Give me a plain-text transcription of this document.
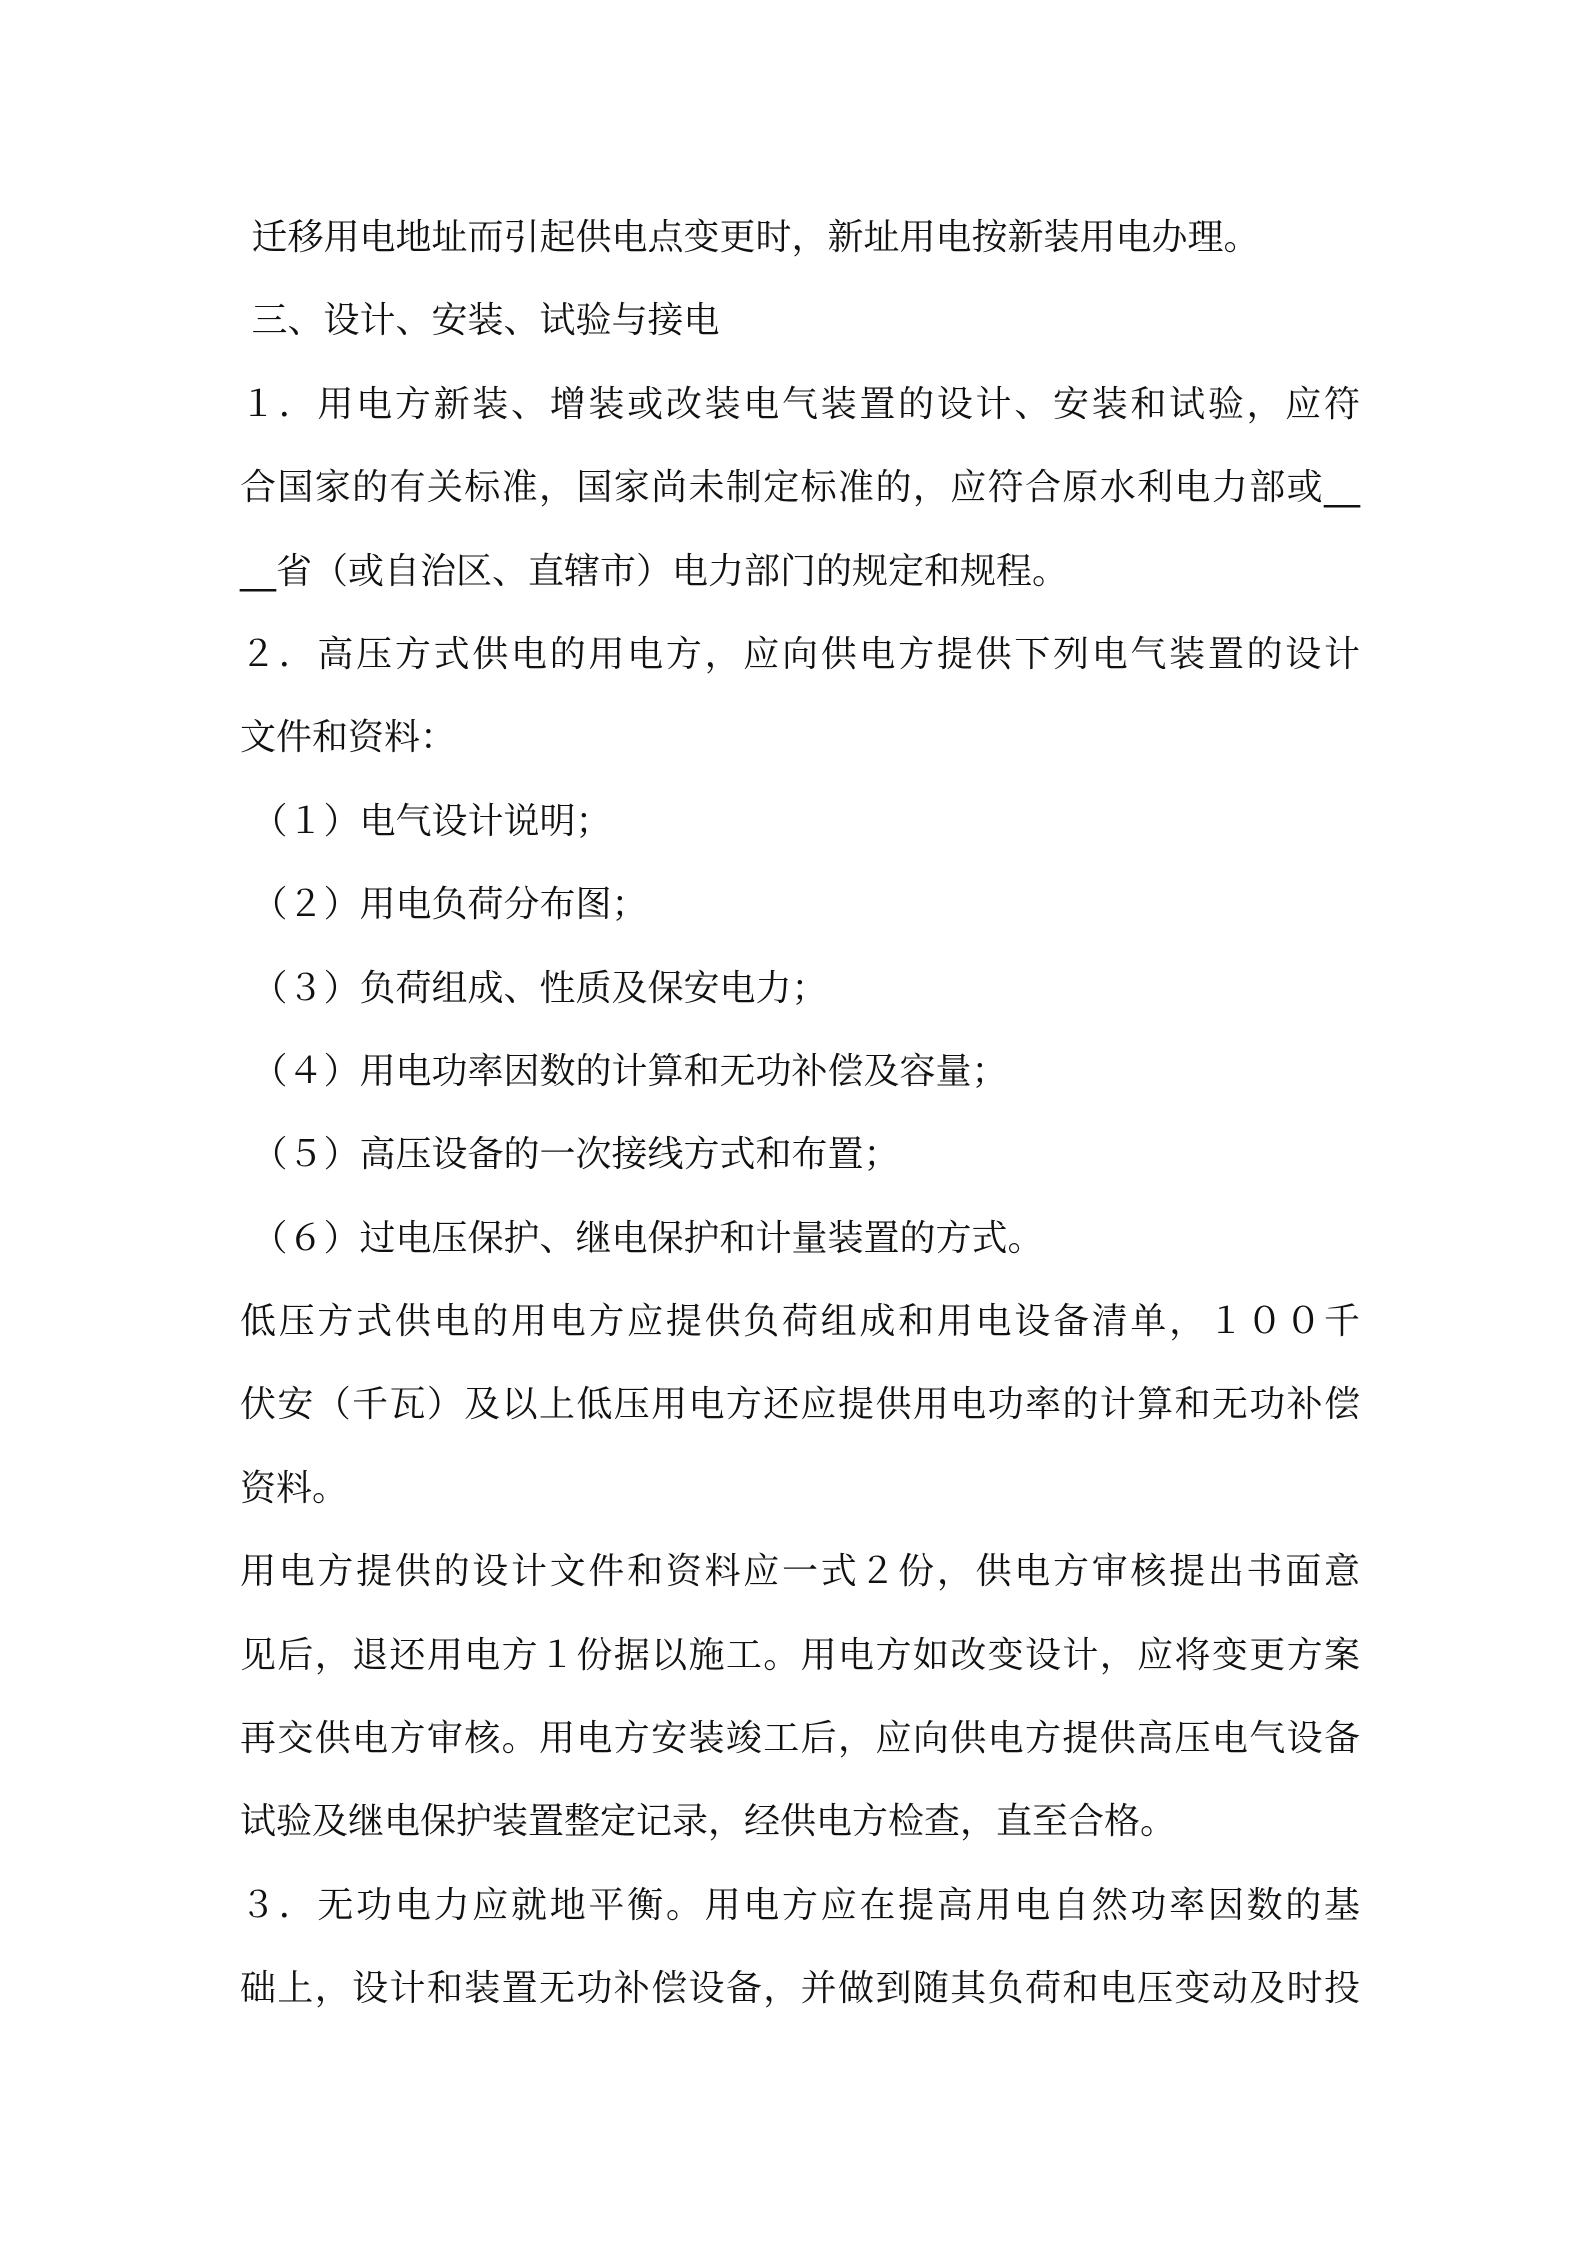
迁移用电地址而引起供电点变更时，新址用电按新装用电办理。
三、设计、安装、试验与接电
１．用电方新装、增装或改装电气装置的设计、安装和试验，应符
合国家的有关标准，国家尚未制定标准的，应符合原水利电力部或__
__省（或自治区、直辖市）电力部门的规定和规程。
２．高压方式供电的用电方，应向供电方提供下列电气装置的设计
文件和资料：
（１）电气设计说明；
（２）用电负荷分布图；
（３）负荷组成、性质及保安电力；
（４）用电功率因数的计算和无功补偿及容量；
（５）高压设备的一次接线方式和布置；
（６）过电压保护、继电保护和计量装置的方式。
低压方式供电的用电方应提供负荷组成和用电设备清单，１００千
伏安（千瓦）及以上低压用电方还应提供用电功率的计算和无功补偿
资料。
用电方提供的设计文件和资料应一式２份，供电方审核提出书面意
见后，退还用电方１份据以施工。用电方如改变设计，应将变更方案
再交供电方审核。用电方安装竣工后，应向供电方提供高压电气设备
试验及继电保护装置整定记录，经供电方检查，直至合格。
３．无功电力应就地平衡。用电方应在提高用电自然功率因数的基
础上，设计和装置无功补偿设备，并做到随其负荷和电压变动及时投
